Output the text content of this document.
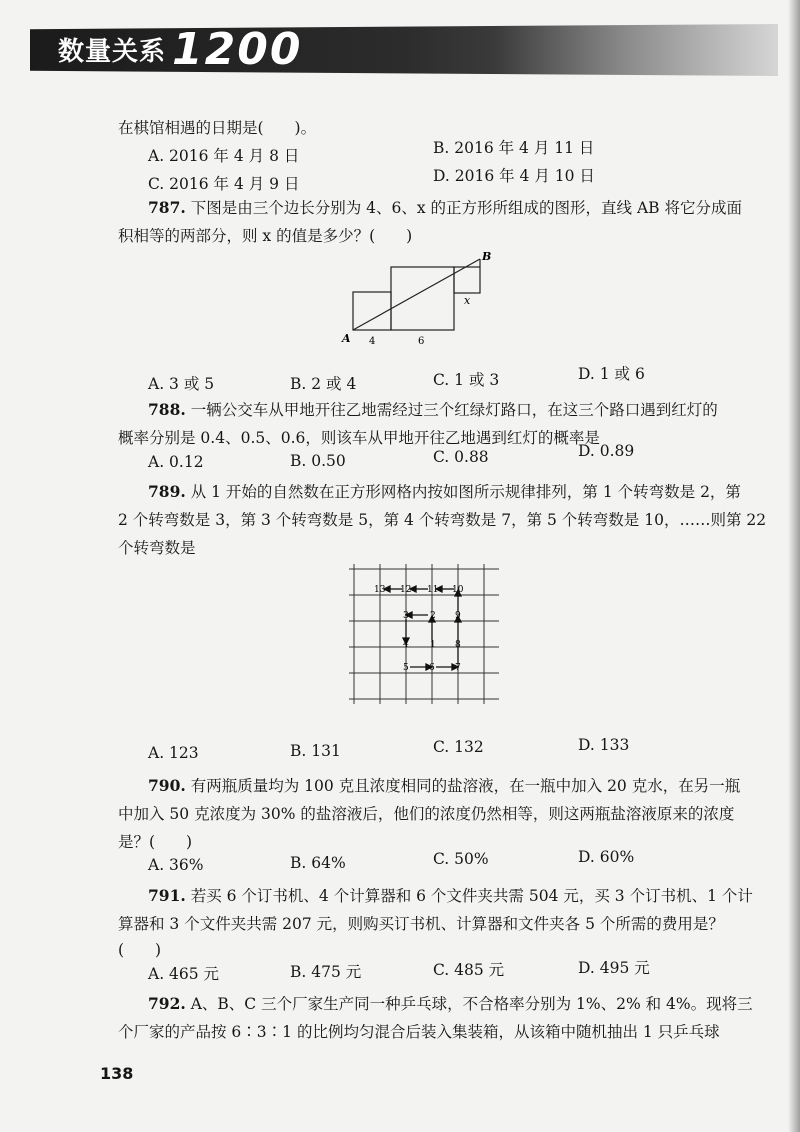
数量关系 1200
在棋馆相遇的日期是(　　)。
A. 2016 年 4 月 8 日	B. 2016 年 4 月 11 日
C. 2016 年 4 月 9 日	D. 2016 年 4 月 10 日
787. 下图是由三个边长分别为 4、6、x 的正方形所组成的图形，直线 AB 将它分成面
积相等的两部分，则 x 的值是多少？(　　)
A
B
x
4	6
A. 3 或 5	B. 2 或 4	C. 1 或 3	D. 1 或 6
788. 一辆公交车从甲地开往乙地需经过三个红绿灯路口，在这三个路口遇到红灯的
概率分别是 0.4、0.5、0.6，则该车从甲地开往乙地遇到红灯的概率是
A. 0.12	B. 0.50	C. 0.88	D. 0.89
789. 从 1 开始的自然数在正方形网格内按如图所示规律排列，第 1 个转弯数是 2，第
2 个转弯数是 3，第 3 个转弯数是 5，第 4 个转弯数是 7，第 5 个转弯数是 10，……则第 22
个转弯数是
1
2
3
4
5 6 7
8
9
10
11
12
13
A. 123	B. 131	C. 132	D. 133
790. 有两瓶质量均为 100 克且浓度相同的盐溶液，在一瓶中加入 20 克水，在另一瓶
中加入 50 克浓度为 30% 的盐溶液后，他们的浓度仍然相等，则这两瓶盐溶液原来的浓度
是？(　　)
A. 36%	B. 64%	C. 50%	D. 60%
791. 若买 6 个订书机、4 个计算器和 6 个文件夹共需 504 元，买 3 个订书机、1 个计
算器和 3 个文件夹共需 207 元，则购买订书机、计算器和文件夹各 5 个所需的费用是？
(　　)
A. 465 元	B. 475 元	C. 485 元	D. 495 元
792. A、B、C 三个厂家生产同一种乒乓球，不合格率分别为 1%、2% 和 4%。现将三
个厂家的产品按 6∶3∶1 的比例均匀混合后装入集装箱，从该箱中随机抽出 1 只乒乓球
138
